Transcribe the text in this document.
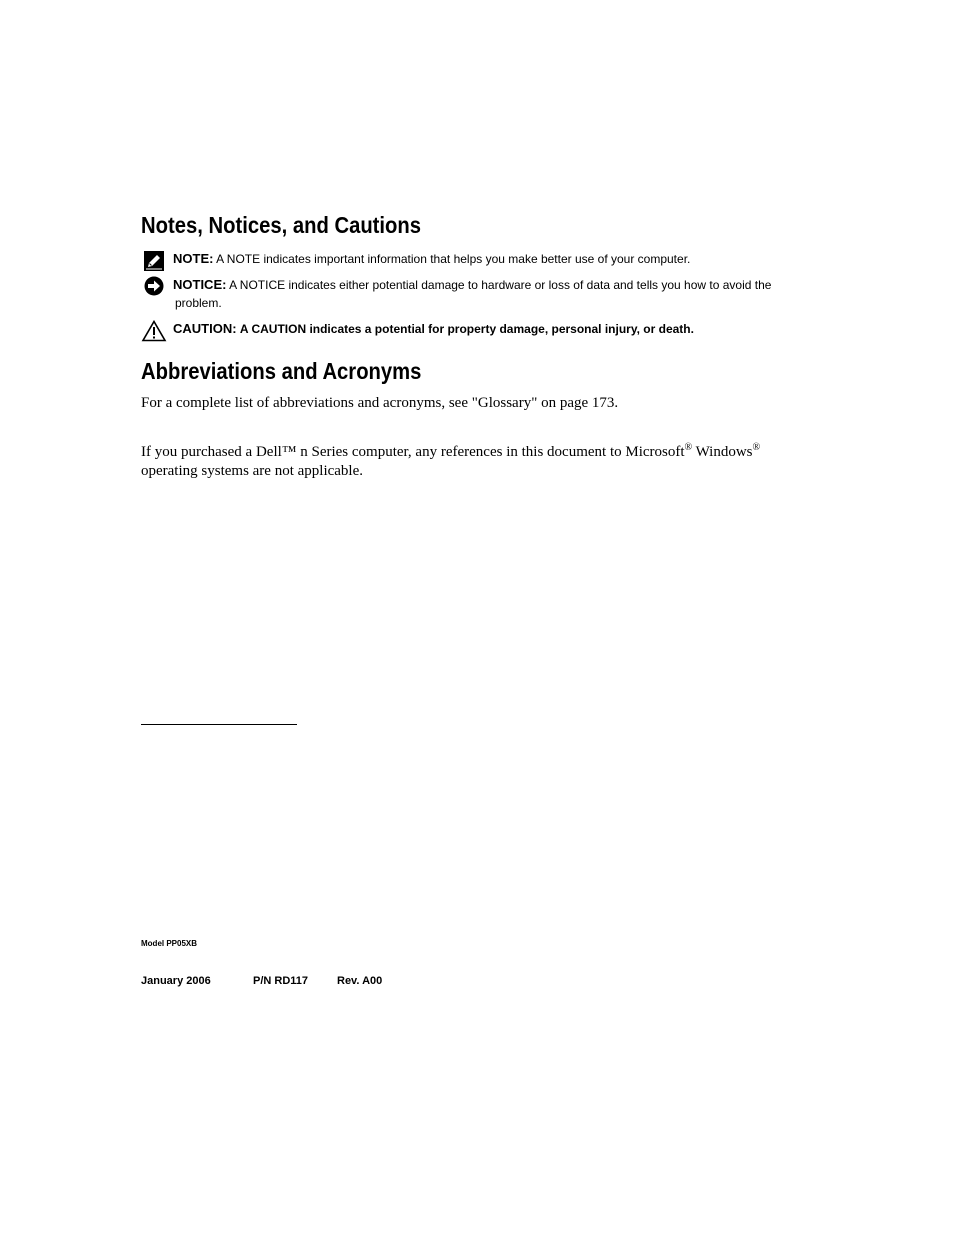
Notes, Notices, and Cautions
NOTE: A NOTE indicates important information that helps you make better use of your computer.
NOTICE: A NOTICE indicates either potential damage to hardware or loss of data and tells you how to avoid the
problem.
CAUTION: A CAUTION indicates a potential for property damage, personal injury, or death.
Abbreviations and Acronyms

For a complete list of abbreviations and acronyms, see "Glossary" on page 173.

If you purchased a Dell™ n Series computer, any references in this document to Microsoft® Windows®
operating systems are not applicable.

Model PP05XB
January 2006	P/N RD117	Rev. A00
